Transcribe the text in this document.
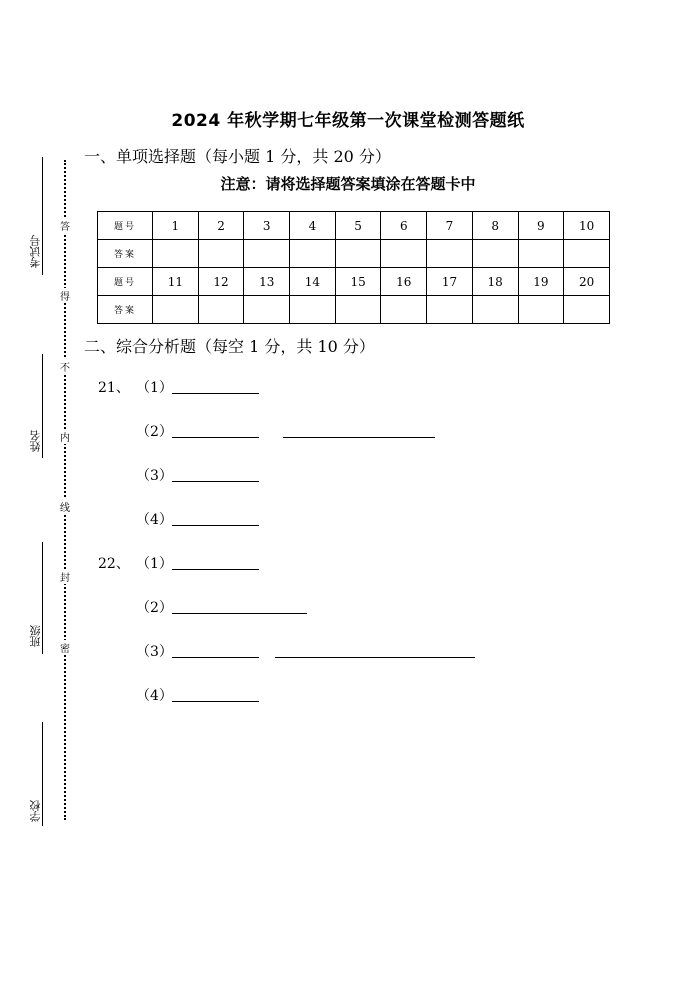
2024 年秋学期七年级第一次课堂检测答题纸
一、单项选择题（每小题 1 分，共 20 分）
注意：请将选择题答案填涂在答题卡中
题号	1	2	3	4	5	6	7	8	9	10
答案										
题号	11	12	13	14	15	16	17	18	19	20
答案										
二、综合分析题（每空 1 分，共 10 分）
21、 （1）
（2）
（3）
（4）
22、 （1）
（2）
（3）
（4）
考试号
姓名
班级
学校
答
得
不
内
线
封
密
